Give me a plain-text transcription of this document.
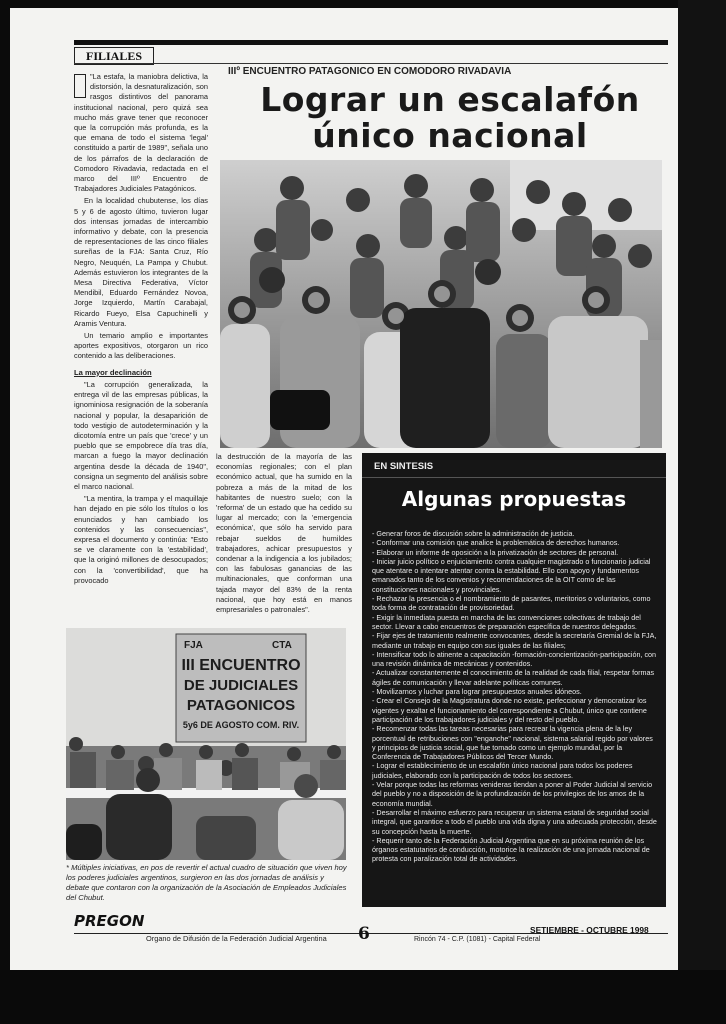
FILIALES
IIIº ENCUENTRO PATAGONICO EN COMODORO RIVADAVIA
Lograr un escalafón
único nacional

"La estafa, la maniobra delictiva, la distorsión, la desnaturalización, son rasgos distintivos del panorama institucional nacional, pero quizá sea mucho más grave tener que reconocer que la corrupción más profunda, es la que emana de todo el sistema 'legal' constituido a partir de 1989", señala uno de los párrafos de la declaración de Comodoro Rivadavia, redactada en el marco del IIIº Encuentro de Trabajadores Judiciales Patagónicos.

En la localidad chubutense, los días 5 y 6 de agosto último, tuvieron lugar dos intensas jornadas de intercambio informativo y debate, con la presencia de representaciones de las cinco filiales sureñas de la FJA: Santa Cruz, Río Negro, Neuquén, La Pampa y Chubut. Además estuvieron los integrantes de la Mesa Directiva Federativa, Víctor Mendibil, Eduardo Fernández Novoa, Jorge Izquierdo, Martín Carabajal, Ricardo Fueyo, Elsa Capuchinelli y Aramis Ventura.

Un temario amplio e importantes aportes expositivos, otorgaron un rico contenido a las deliberaciones.

La mayor declinación

"La corrupción generalizada, la entrega vil de las empresas públicas, la ignominiosa resignación de la soberanía nacional y popular, la desaparición de todo vestigio de autodeterminación y la dicotomía entre un país que 'crece' y un pueblo que se empobrece día tras día, marcan a fuego la mayor declinación argentina desde la década de 1940", consigna un segmento del análisis sobre el marco nacional.

"La mentira, la trampa y el maquillaje han dejado en pie sólo los títulos o los enunciados y han cambiado los contenidos y las consecuencias", expresa el documento y continúa: "Esto se ve claramente con la 'estabilidad', que la originó millones de desocupados; con la 'convertibilidad', que ha provocado

la destrucción de la mayoría de las economías regionales; con el plan económico actual, que ha sumido en la pobreza a más de la mitad de los habitantes de nuestro suelo; con la 'reforma' de un estado que ha cedido su lugar al mercado; con la 'emergencia económica', que sólo ha servido para rebajar sueldos de humildes trabajadores, achicar presupuestos y condenar a la indigencia a los jubilados; con las fabulosas ganancias de las multinacionales, que conforman una tajada mayor del 83% de la renta nacional, que hoy está en manos empresariales o patronales".

EN SINTESIS
Algunas propuestas
- Generar foros de discusión sobre la administración de justicia.
- Conformar una comisión que analice la problemática de derechos humanos.
- Elaborar un informe de oposición a la privatización de sectores de personal.
- Iniciar juicio político o enjuiciamiento contra cualquier magistrado o funcionario judicial que atentare o intentare atentar contra la estabilidad. Ello con apoyo y fundamentos emanados tanto de los convenios y recomendaciones de la OIT como de las constituciones nacionales y provinciales.
- Rechazar la presencia o el nombramiento de pasantes, meritorios o voluntarios, como toda forma de contratación de provisoriedad.
- Exigir la inmediata puesta en marcha de las convenciones colectivas de trabajo del sector. Llevar a cabo encuentros de preparación específica de nuestros delegados.
- Fijar ejes de tratamiento realmente convocantes, desde la secretaría Gremial de la FJA, mediante un trabajo en equipo con sus iguales de las filiales;
- Intensificar todo lo atinente a capacitación -formación-concientización-participación, con una revisión dinámica de mecánicas y contenidos.
- Actualizar constantemente el conocimiento de la realidad de cada filial, respetar formas ágiles de comunicación y llevar adelante políticas comunes.
- Movilizarnos y luchar para lograr presupuestos anuales idóneos.
- Crear el Consejo de la Magistratura donde no existe, perfeccionar y democratizar los vigentes y exaltar el funcionamiento del correspondiente a Chubut, único que contiene participación de los trabajadores judiciales y del resto del pueblo.
- Recomenzar todas las tareas necesarias para recrear la vigencia plena de la ley porcentual de retribuciones con "enganche" nacional, sistema salarial regido por valores y principios de justicia social, que fue tomado como un ejemplo mundial, por la Conferencia de Trabajadores Públicos del Tercer Mundo.
- Lograr el establecimiento de un escalafón único nacional para todos los poderes judiciales, elaborado con la participación de todos los sectores.
- Velar porque todas las reformas venideras tiendan a poner al Poder Judicial al servicio del pueblo y no a disposición de la profundización de los privilegios de los amos de la economía mundial.
- Desarrollar el máximo esfuerzo para recuperar un sistema estatal de seguridad social integral, que garantice a todo el pueblo una vida digna y una adecuada protección, desde su concepción hasta la muerte.
- Requerir tanto de la Federación Judicial Argentina que en su próxima reunión de los órganos estatutarios de conducción, motorice la realización de una jornada nacional de protesta con paralización total de actividades.
FJA	CTA
III ENCUENTRO
DE JUDICIALES
PATAGONICOS
5y6 DE AGOSTO COM. RIV.
* Múltiples iniciativas, en pos de revertir el actual cuadro de situación que viven hoy los poderes judiciales argentinos, surgieron en las dos jornadas de análisis y debate que contaron con la organización de la Asociación de Empleados Judiciales del Chubut.
PREGON
Organo de Difusión de la Federación Judicial Argentina 6	SETIEMBRE - OCTUBRE 1998
Rincón 74 - C.P. (1081) - Capital Federal
